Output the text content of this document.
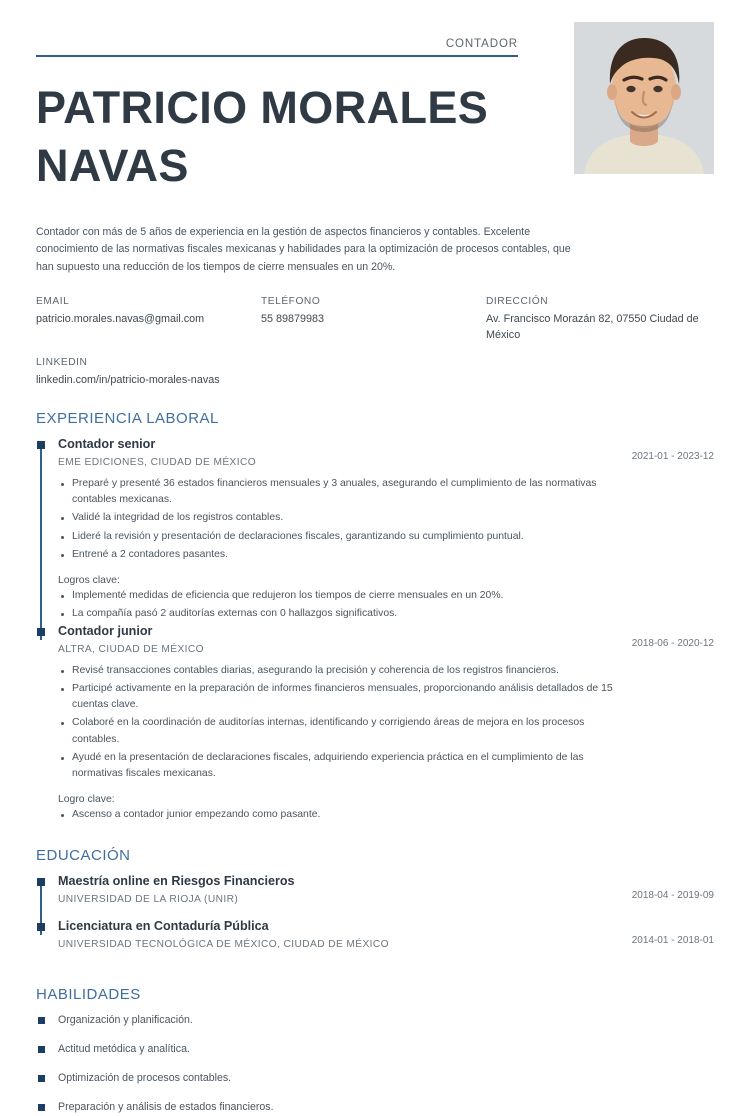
CONTADOR
PATRICIO MORALES
NAVAS
Contador con más de 5 años de experiencia en la gestión de aspectos financieros y contables. Excelente conocimiento de las normativas fiscales mexicanas y habilidades para la optimización de procesos contables, que han supuesto una reducción de los tiempos de cierre mensuales en un 20%.
EMAIL
patricio.morales.navas@gmail.com
TELÉFONO
55 89879983
DIRECCIÓN
Av. Francisco Morazán 82, 07550 Ciudad de México
LINKEDIN
linkedin.com/in/patricio-morales-navas
EXPERIENCIA LABORAL
Contador senior
EME EDICIONES, CIUDAD DE MÉXICO
Preparé y presenté 36 estados financieros mensuales y 3 anuales, asegurando el cumplimiento de las normativas contables mexicanas.
Validé la integridad de los registros contables.
Lideré la revisión y presentación de declaraciones fiscales, garantizando su cumplimiento puntual.
Entrené a 2 contadores pasantes.
Logros clave:
Implementé medidas de eficiencia que redujeron los tiempos de cierre mensuales en un 20%.
La compañía pasó 2 auditorías externas con 0 hallazgos significativos.
2021-01 - 2023-12
Contador junior
ALTRA, CIUDAD DE MÉXICO
Revisé transacciones contables diarias, asegurando la precisión y coherencia de los registros financieros.
Participé activamente en la preparación de informes financieros mensuales, proporcionando análisis detallados de 15 cuentas clave.
Colaboré en la coordinación de auditorías internas, identificando y corrigiendo áreas de mejora en los procesos contables.
Ayudé en la presentación de declaraciones fiscales, adquiriendo experiencia práctica en el cumplimiento de las normativas fiscales mexicanas.
Logro clave:
Ascenso a contador junior empezando como pasante.
2018-06 - 2020-12
EDUCACIÓN
Maestría online en Riesgos Financieros
UNIVERSIDAD DE LA RIOJA (UNIR)	2018-04 - 2019-09
Licenciatura en Contaduría Pública
UNIVERSIDAD TECNOLÓGICA DE MÉXICO, CIUDAD DE MÉXICO	2014-01 - 2018-01
HABILIDADES
Organización y planificación.
Actitud metódica y analítica.
Optimización de procesos contables.
Preparación y análisis de estados financieros.
